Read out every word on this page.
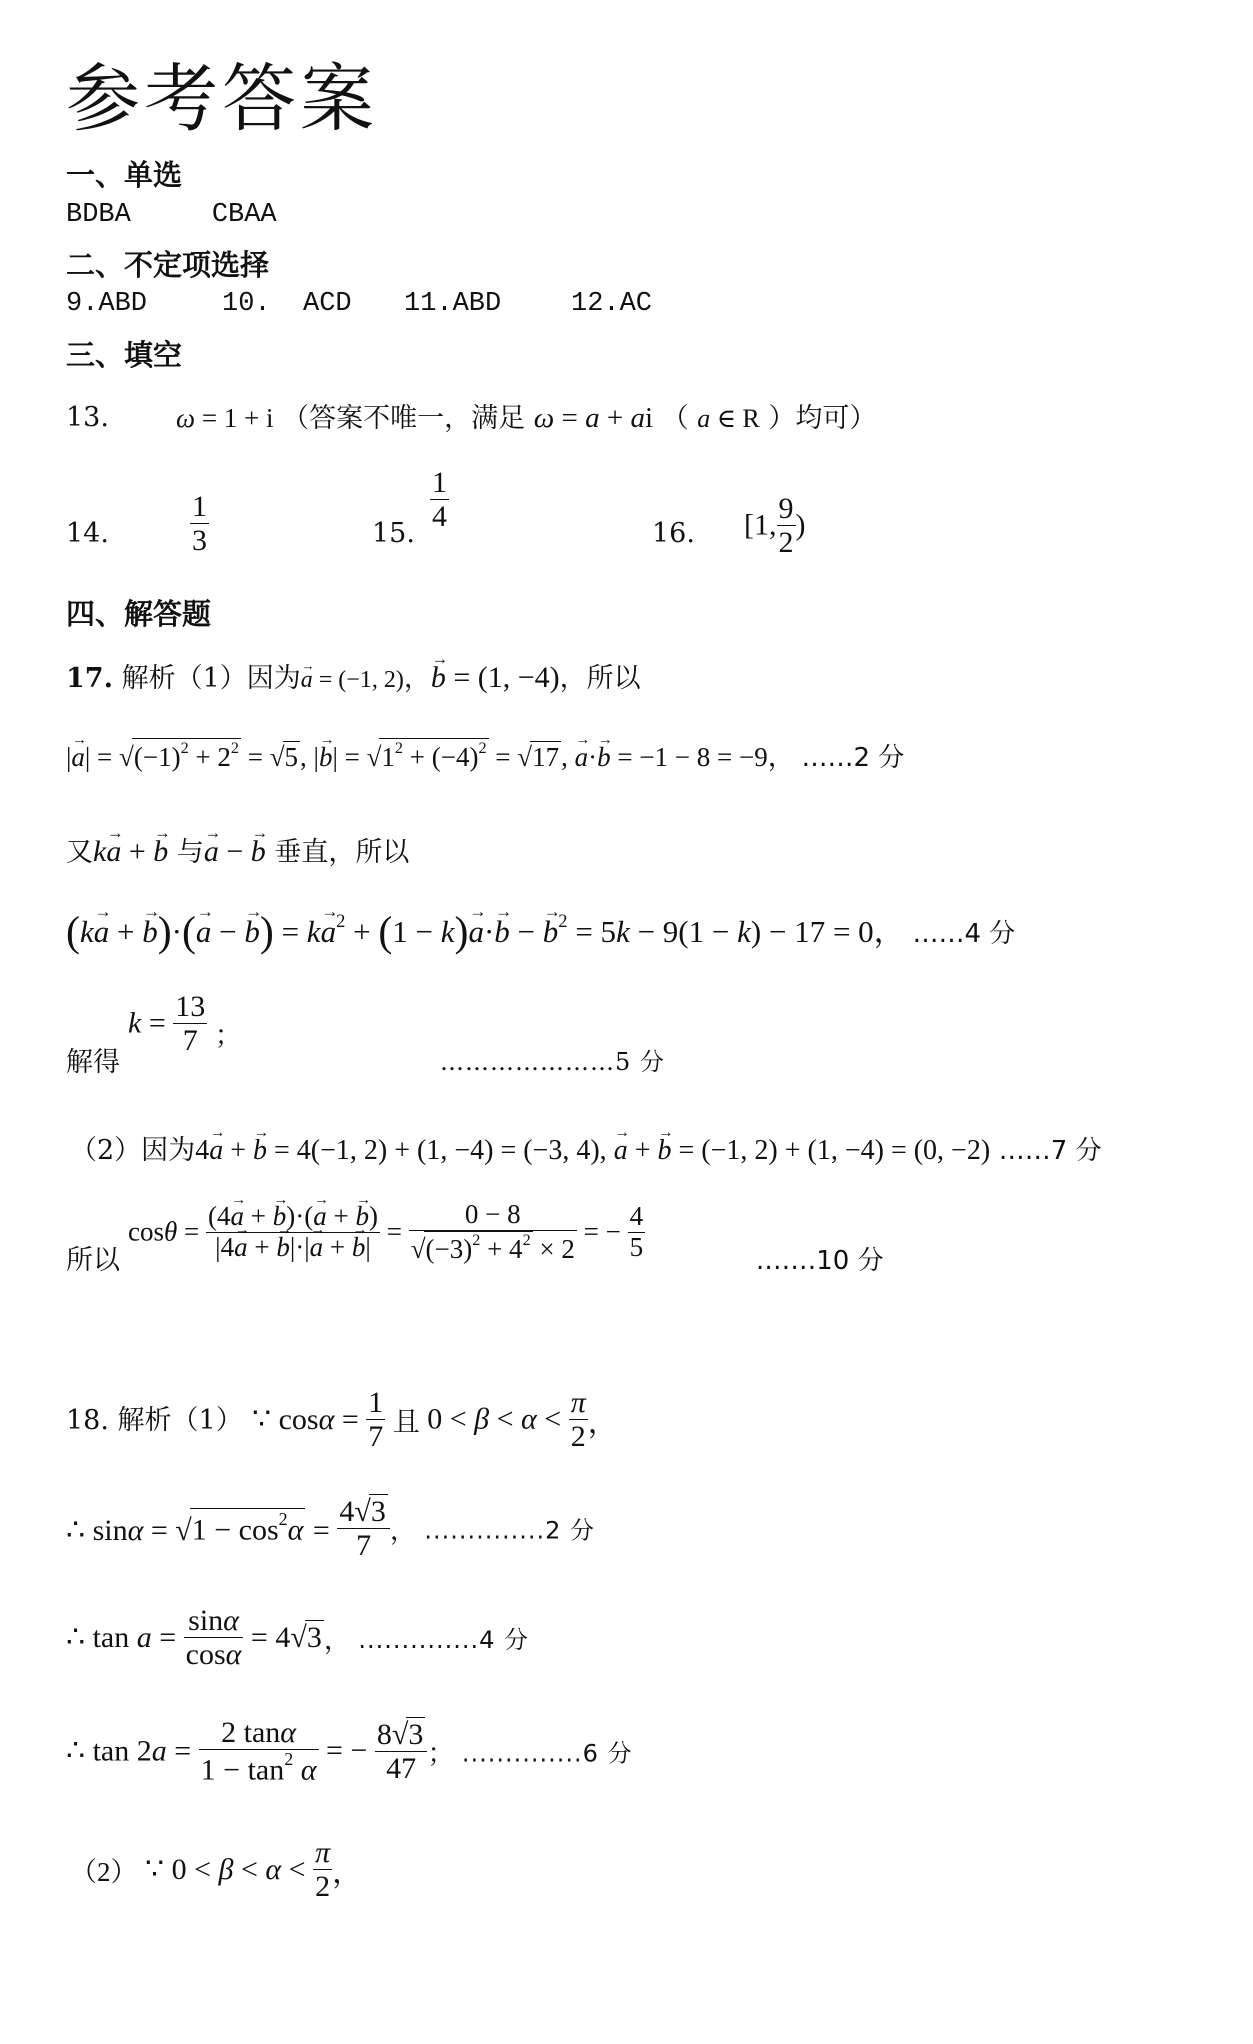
参考答案
一、单选
BDBA     CBAA
二、不定项选择
9.ABD	10.  ACD 11.ABD	12.AC
三、填空
13. ω = 1 + i （答案不唯一，满足 ω = a + ai （ a ∈ R ）均可）
14.	$\frac{1}{3}$	15.
$\frac{1}{4}$
16. [1, $\frac{9}{2}$ )
四、解答题
17. 解析（1）因为→ a = (−1, 2)，→ b = (1, −4)，所以
|→ $a| = √(-1)^2 + 2^2 = √5$, |→ $b| = √1^2 + (-4)^2 = √17$, → a·→ b = −1 − 8 = −9， ……2 分
又k→ a + → b 与→ a − → b 垂直，所以
(k→ a + → b)·(→ a − → $b) = k\to a^2 + (1 - k)\to a\cdot\to b$ − → $b^2 = 5k - 9(1 - k) - 17 = 0$， ……4 分
解得
$k = \frac{13}{7}$ ；
…………………5 分
（2）因为4→ a + → b = 4(−1, 2) + (1, −4) = (−3, 4), → a + → b = (−1, 2) + (1, −4) = (0, −2) ……7 分
所以
$\cos\theta = \frac{(4\to a + \to b)\cdot(\to a + \to b)}{|4\to a + \to b|\cdot|\to a + \to b|} = \frac{0 - 8}{√(-3)^2 + 4^2 \times 2}$ = − $\frac{4}{5}$	.……10 分
18. 解析（1） ∵ $\cos\alpha = \frac{1}{7}$ 且 $0 < \beta < \alpha < \frac{\pi}{2}$ ，
∴ $\sin\alpha = √1 - \cos^2\alpha = \frac{4√3}{7}$ ， ..............2 分
∴ $\tan a = \frac{\sin\alpha}{\cos\alpha} = 4√3$， ..............4 分
∴ $\tan 2a = \frac{2 \tan\alpha}{1 - \tan^2 \alpha}$ = − $\frac{8√3}{47}$ ； ..............6 分
（2） ∵ $0 < \beta < \alpha < \frac{\pi}{2}$ ，
